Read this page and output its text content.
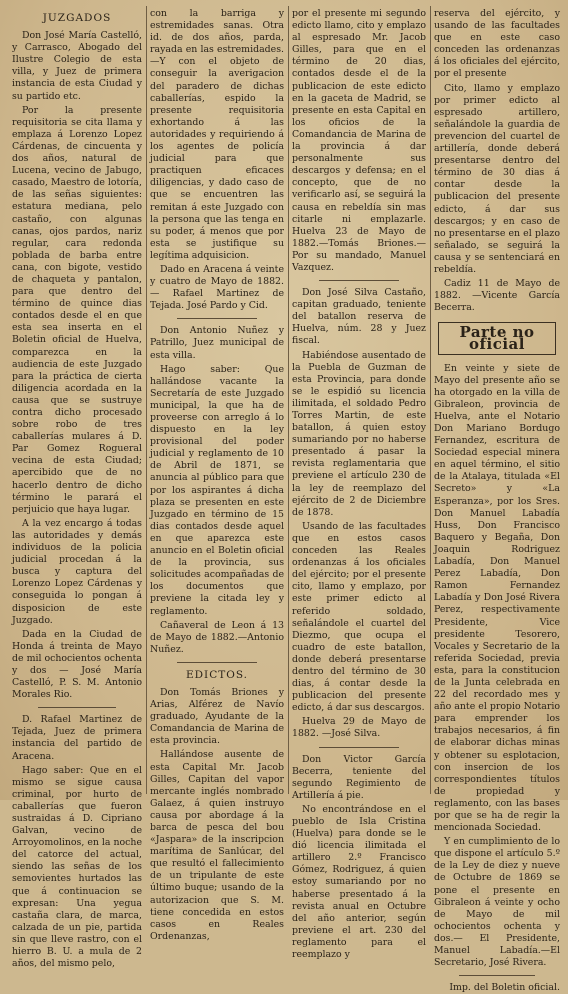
JUZGADOS

Don José María Castelló, y Carrasco, Abogado del Ilustre Colegio de esta villa, y Juez de primera instancia de esta Ciudad y su partido etc.

Por la presente requisitoria se cita llama y emplaza á Lorenzo Lopez Cárdenas, de cincuenta y dos años, natural de Lucena, vecino de Jabugo, casado, Maestro de lotoría, de las señas siguientes: estatura mediana, pelo castaño, con algunas canas, ojos pardos, nariz regular, cara redonda poblada de barba entre cana, con bigote, vestido de chaqueta y pantalon, para que dentro del término de quince dias contados desde el en que esta sea inserta en el Boletin oficial de Huelva, comparezca en la audiencia de este Juzgado para la práctica de cierta diligencia acordada en la causa que se sustruye contra dicho procesado sobre robo de tres caballerías mulares á D. Par Gomez Rogueral vecina de esta Ciudad; apercibido que de no hacerlo dentro de dicho término le parará el perjuicio que haya lugar.

A la vez encargo á todas las autoridades y demás individuos de la policia judicial procedan á la busca y captura del Lorenzo Lopez Cárdenas y conseguida lo pongan á disposicion de este Juzgado.

Dada en la Ciudad de Honda á treinta de Mayo de mil ochocientos ochenta y dos — José María Castelló, P. S. M. Antonio Morales Rio.

D. Rafael Martinez de Tejada, Juez de primera instancia del partido de Aracena.

Hago saber: Que en el mismo se sigue causa criminal, por hurto de caballerías que fueron sustraidas á D. Cipriano Galvan, vecino de Arroyomolinos, en la noche del catorce del actual, siendo las señas de los semovientes hurtados las que á continuacion se expresan: Una yegua castaña clara, de marca, calzada de un pie, partida sin que lleve rastro, con el hierro B. U. a mula de 2 años, del mismo pelo,

con la barriga y estremidades sanas. Otra id. de dos años, parda, rayada en las estremidades.—Y con el objeto de conseguir la averigacion del paradero de dichas caballerías, espido la presente requisitoria exhortando á las autoridades y requiriendo á los agentes de policía judicial para que practiquen eficaces diligencias, y dado caso de que se encuentren las remitan á este Juzgado con la persona que las tenga en su poder, á menos que por esta se justifique su legítima adquisicion.

Dado en Aracena á veinte y cuatro de Mayo de 1882. — Rafael Martinez de Tejada. José Pardo y Cid.

Don Antonio Nuñez y Patrillo, Juez municipal de esta villa.

Hago saber: Que hallándose vacante la Secretaría de este Juzgado municipal, la que ha de proveerse con arreglo á lo dispuesto en la ley provisional del poder judicial y reglamento de 10 de Abril de 1871, se anuncia al público para que por los aspirantes á dicha plaza se presenten en este Juzgado en término de 15 dias contados desde aquel en que aparezca este anuncio en el Boletin oficial de la provincia, sus solicitudes acompañadas de los documentos que previene la citada ley y reglamento.

Cañaveral de Leon á 13 de Mayo de 1882.—Antonio Nuñez.

EDICTOS.

Don Tomás Briones y Arias, Alférez de Navío graduado, Ayudante de la Comandancia de Marina de esta provincia.

Hallándose ausente de esta Capital Mr. Jacob Gilles, Capitan del vapor mercante inglés nombrado Galaez, á quien instruyo causa por abordage á la barca de pesca del bou «Jaspara» de la inscripcion marítima de Sanlúcar, del que resultó el fallecimiento de un tripulante de este último buque; usando de la autorizacion que S. M. tiene concedida en estos casos en Reales Ordenanzas,

por el presente mi segundo edicto llamo, cito y emplazo al espresado Mr. Jacob Gilles, para que en el término de 20 dias, contados desde el de la publicacion de este edicto en la gaceta de Madrid, se presente en esta Capital en los oficios de la Comandancia de Marina de la provincia á dar personalmente sus descargos y defensa; en el concepto, que de no verificarlo así, se seguirá la causa en rebeldía sin mas citarle ni emplazarle. Huelva 23 de Mayo de 1882.—Tomás Briones.—Por su mandado, Manuel Vazquez.

Don José Silva Castaño, capitan graduado, teniente del batallon reserva de Huelva, núm. 28 y Juez fiscal.

Habiéndose ausentado de la Puebla de Guzman de esta Provincia, para donde se le espidió su licencia ilimitada, el soldado Pedro Torres Martin, de este batallon, á quien estoy sumariando por no haberse presentado á pasar la revista reglamentaria que previene el artículo 230 de la ley de reemplazo del ejército de 2 de Diciembre de 1878.

Usando de las facultades que en estos casos conceden las Reales ordenanzas á los oficiales del ejército; por el presente cito, llamo y emplazo, por este primer edicto al referido soldado, señalándole el cuartel del Diezmo, que ocupa el cuadro de este batallon, donde deberá presentarse dentro del término de 30 dias, á contar desde la publicacion del presente edicto, á dar sus descargos.

Huelva 29 de Mayo de 1882. —José Silva.

Don Victor García Becerra, teniente del segundo Regimiento de Artillería á pie.

No encontrándose en el pueblo de Isla Cristina (Huelva) para donde se le dió licencia ilimitada el artillero 2.º Francisco Gómez, Rodriguez, á quien estoy sumariando por no haberse presentado á la revista anual en Octubre del año anterior, según previene el art. 230 del reglamento para el reemplazo y

reserva del ejército, y usando de las facultades que en este caso conceden las ordenanzas á los oficiales del ejército, por el presente

Cito, llamo y emplazo por primer edicto al espresado artillero, señalándole la guardia de prevencion del cuartel de artillería, donde deberá presentarse dentro del término de 30 dias á contar desde la publicacion del presente edicto, á dar sus descargos; y en caso de no presentarse en el plazo señalado, se seguirá la causa y se sentenciará en rebeldía.

Cadiz 11 de Mayo de 1882. —Vicente García Becerra.

Parte no oficial

En veinte y siete de Mayo del presente año se ha otorgado en la villa de Gibraleon, provincia de Huelva, ante el Notario Don Mariano Bordugo Fernandez, escritura de Sociedad especial minera en aquel término, el sitio de la Atalaya, titulada «El Secreto» y «La Esperanza», por los Sres. Don Manuel Labadía Huss, Don Francisco Baquero y Begaña, Don Joaquin Rodriguez Labadía, Don Manuel Perez Labadía, Don Ramon Fernandez Labadía y Don José Rivera Perez, respectivamente Presidente, Vice presidente Tesorero, Vocales y Secretario de la referida Sociedad, previa esta, para la constitucion de la Junta celebrada en 22 del recordado mes y año ante el propio Notario para emprender los trabajos necesarios, á fin de elaborar dichas minas y obtener su esplotacion, con insercion de los correspondientes títulos de propiedad y reglamento, con las bases por que se ha de regir la mencionada Sociedad.

Y en cumplimiento de lo que dispone el artículo 5.º de la Ley de diez y nueve de Octubre de 1869 se pone el presente en Gibraleon á veinte y ocho de Mayo de mil ochocientos ochenta y dos.— El Presidente, Manuel Labadía.—El Secretario, José Rivera.

Imp. del Boletin oficial.
